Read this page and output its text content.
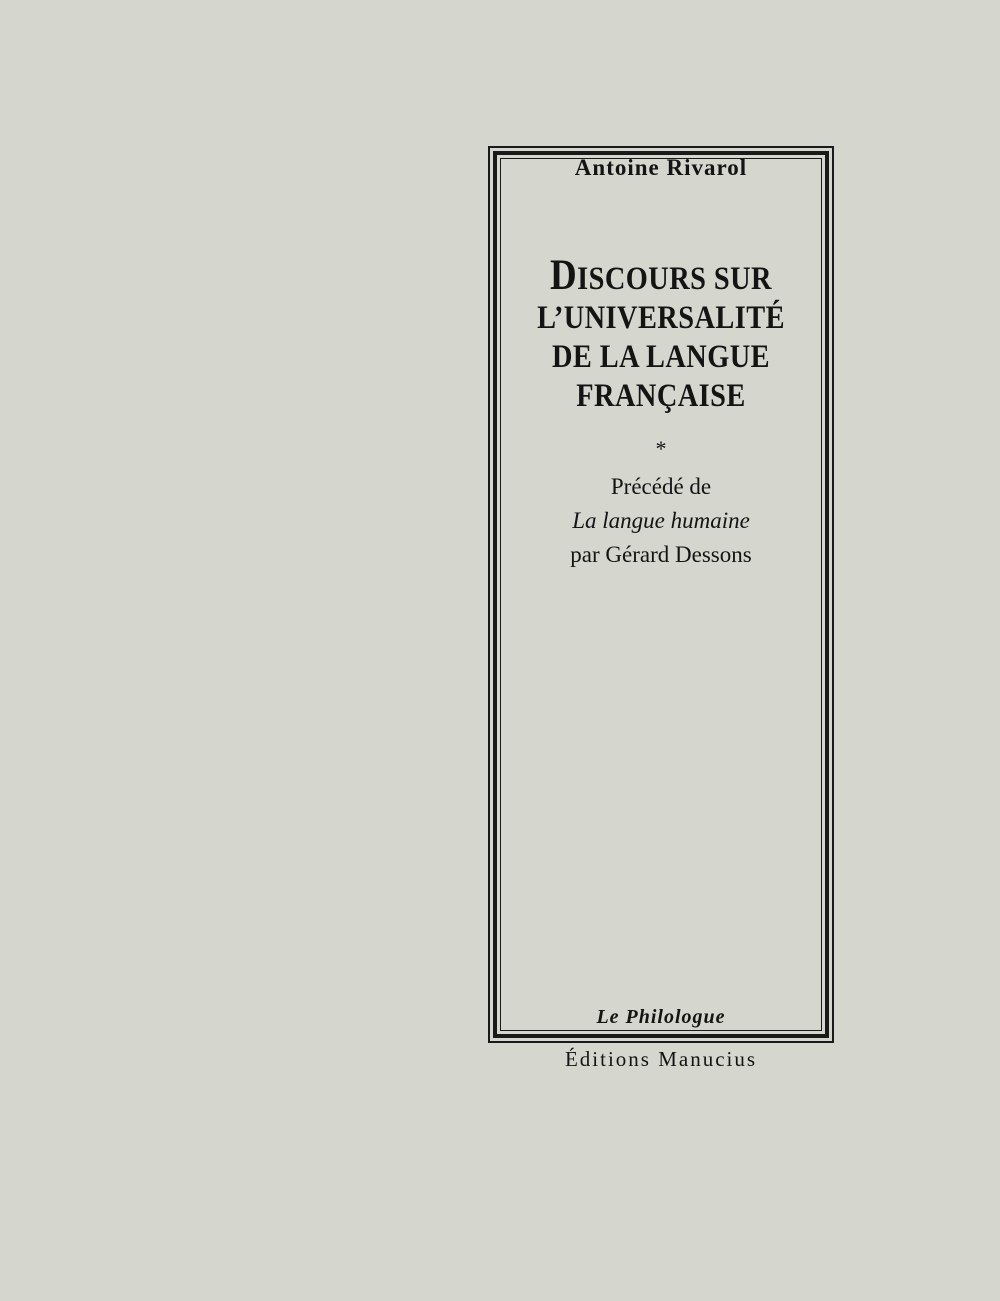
Antoine Rivarol
DISCOURS SUR
L’UNIVERSALITÉ
DE LA LANGUE
FRANÇAISE
*
Précédé de
La langue humaine
par Gérard Dessons
Le Philologue
Éditions Manucius
